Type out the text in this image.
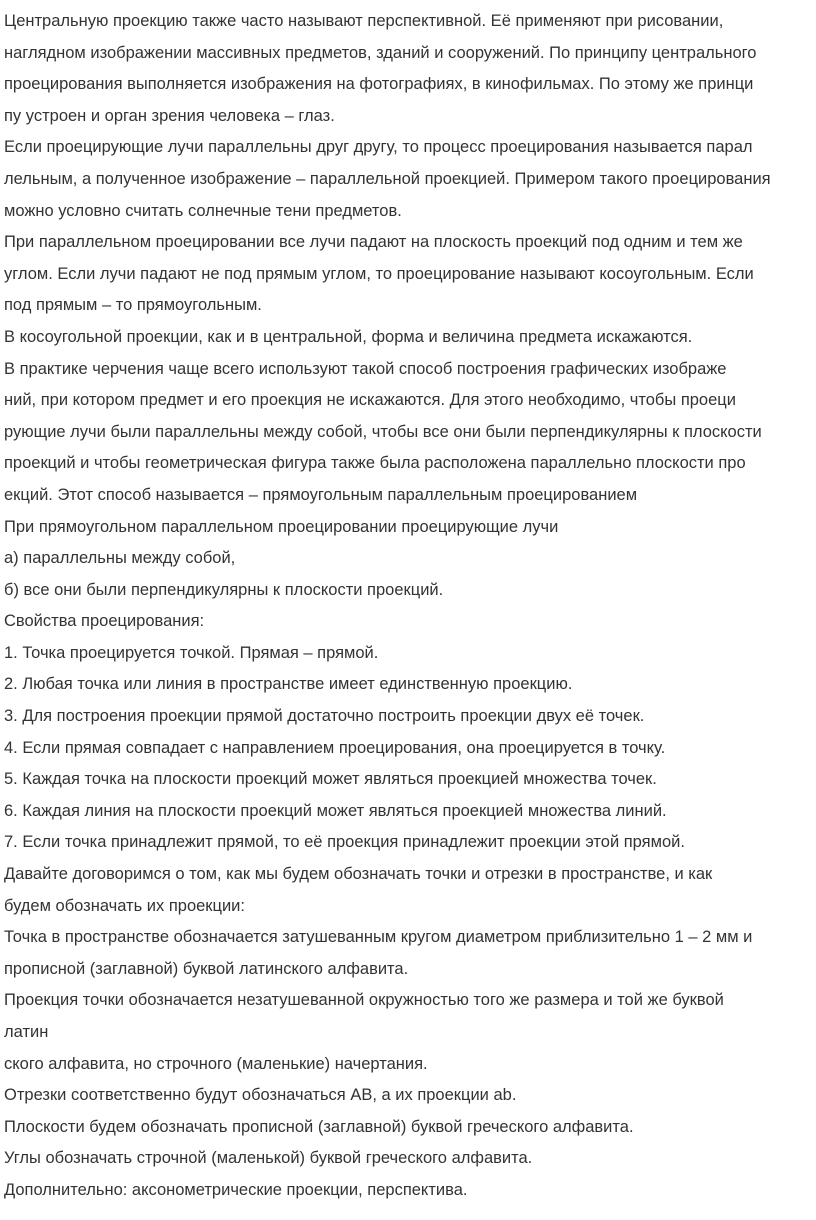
Центральную проекцию также часто называют перспективной. Её применяют при рисовании,
наглядном изображении массивных предметов, зданий и сооружений. По принципу центрального
проецирования выполняется изображения на фотографиях, в кинофильмах. По этому же принци
пу устроен и орган зрения человека – глаз.
Если проецирующие лучи параллельны друг другу, то процесс проецирования называется парал
лельным, а полученное изображение – параллельной проекцией. Примером такого проецирования
можно условно считать солнечные тени предметов.
При параллельном проецировании все лучи падают на плоскость проекций под одним и тем же
углом. Если лучи падают не под прямым углом, то проецирование называют косоугольным. Если
под прямым – то прямоугольным.
В косоугольной проекции, как и в центральной, форма и величина предмета искажаются.
В практике черчения чаще всего используют такой способ построения графических изображе
ний, при котором предмет и его проекция не искажаются. Для этого необходимо, чтобы проеци
рующие лучи были параллельны между собой, чтобы все они были перпендикулярны к плоскости
проекций и чтобы геометрическая фигура также была расположена параллельно плоскости про
екций. Этот способ называется – прямоугольным параллельным проецированием
При прямоугольном параллельном проецировании проецирующие лучи
а) параллельны между собой,
б) все они были перпендикулярны к плоскости проекций.
Свойства проецирования:
1. Точка проецируется точкой. Прямая – прямой.
2. Любая точка или линия в пространстве имеет единственную проекцию.
3. Для построения проекции прямой достаточно построить проекции двух её точек.
4. Если прямая совпадает с направлением проецирования, она проецируется в точку.
5. Каждая точка на плоскости проекций может являться проекцией множества точек.
6. Каждая линия на плоскости проекций может являться проекцией множества линий.
7. Если точка принадлежит прямой, то её проекция принадлежит проекции этой прямой.
Давайте договоримся о том, как мы будем обозначать точки и отрезки в пространстве, и как
будем обозначать их проекции:
Точка в пространстве обозначается затушеванным кругом диаметром приблизительно 1 – 2 мм и
прописной (заглавной) буквой латинского алфавита.
Проекция точки обозначается незатушеванной окружностью того же размера и той же буквой
латин
ского алфавита, но строчного (маленькие) начертания.
Отрезки соответственно будут обозначаться АВ, а их проекции ab.
Плоскости будем обозначать прописной (заглавной) буквой греческого алфавита.
Углы обозначать строчной (маленькой) буквой греческого алфавита.
Дополнительно: аксонометрические проекции, перспектива.
